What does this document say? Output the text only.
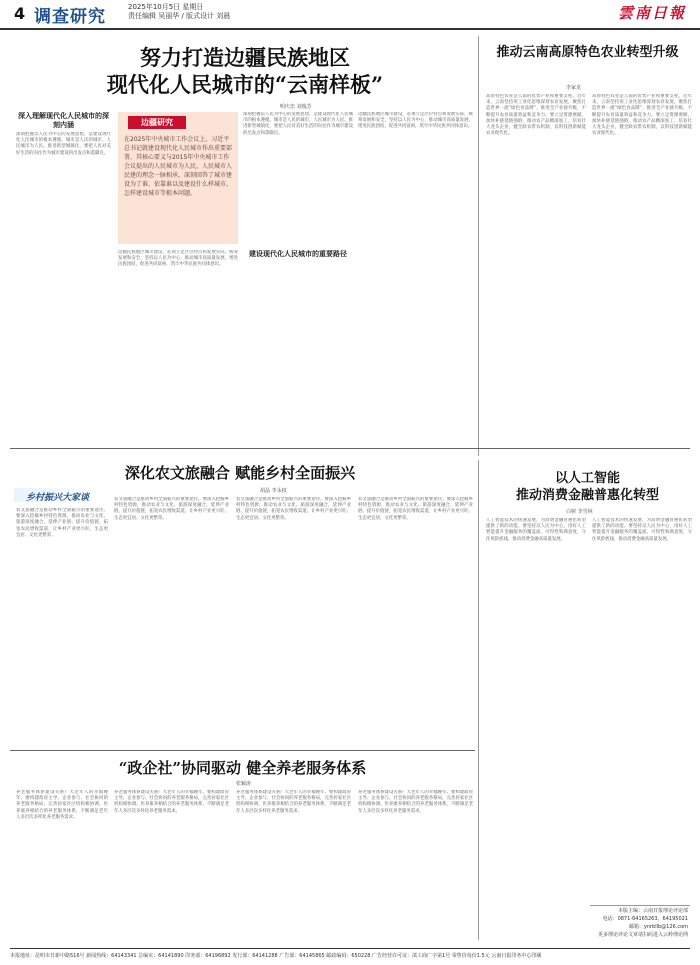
4 调查研究	2025年10月5日 星期日
责任编辑 吴丽华 / 版式设计 刘晨	雲南日報
努力打造边疆民族地区
现代化人民城市的“云南样板”
明庆忠 刘俊芳
深入理解现代化人民城市的深刻内涵
深刻把握以人民为中心的发展思想，是建设现代化人民城市的根本遵循。城市是人民的城市，人民城市为人民。推进新型城镇化，要把人民对美好生活的向往作为城市建设的出发点和落脚点。
边疆研究
在2025年中央城市工作会议上，习近平总书记就建设现代化人民城市作出重要部署，其核心要义与2015年中央城市工作会议提出的人民城市为人民，人民城市人民建的理念一脉相承，深刻回答了城市建设为了谁、依靠谁以及建设什么样城市、怎样建设城市等根本问题。
边疆民族地区城市建设，必须立足区位特点和发展实际，统筹发展和安全，坚持以人民为中心，推动城市高质量发展，增进民族团结，促进共同富裕，筑牢中华民族共同体意识。
深刻把握以人民为中心的发展思想，是建设现代化人民城市的根本遵循。城市是人民的城市，人民城市为人民。推进新型城镇化，要把人民对美好生活的向往作为城市建设的出发点和落脚点。
建设现代化人民城市的重要路径
边疆民族地区城市建设，必须立足区位特点和发展实际，统筹发展和安全，坚持以人民为中心，推动城市高质量发展，增进民族团结，促进共同富裕，筑牢中华民族共同体意识。
推动云南高原特色农业转型升级
李家龙
高原特色农业是云南的优势产业和重要支柱。近年来，云南坚持用工业化思维谋划农业发展，聚焦打造世界一流“绿色食品牌”，推进全产业链升级，不断提升农业质量效益和竞争力。要立足资源禀赋，加快补链延链强链，推动农产品精深加工，培育壮大龙头企业，健全联农带农机制，以科技创新赋能农业现代化。
高原特色农业是云南的优势产业和重要支柱。近年来，云南坚持用工业化思维谋划农业发展，聚焦打造世界一流“绿色食品牌”，推进全产业链升级，不断提升农业质量效益和竞争力。要立足资源禀赋，加快补链延链强链，推动农产品精深加工，培育壮大龙头企业，健全联农带农机制，以科技创新赋能农业现代化。
深化农文旅融合 赋能乡村全面振兴
胡晶 李永权
乡村振兴大家谈
农文旅融合是推动乡村全面振兴的重要途径。要深入挖掘乡村特色资源，推动农业与文化、旅游深度融合，延伸产业链、提升价值链，拓宽农民增收渠道，让乡村产业更兴旺、生态更宜居、文化更繁荣。
农文旅融合是推动乡村全面振兴的重要途径。要深入挖掘乡村特色资源，推动农业与文化、旅游深度融合，延伸产业链、提升价值链，拓宽农民增收渠道，让乡村产业更兴旺、生态更宜居、文化更繁荣。
农文旅融合是推动乡村全面振兴的重要途径。要深入挖掘乡村特色资源，推动农业与文化、旅游深度融合，延伸产业链、提升价值链，拓宽农民增收渠道，让乡村产业更兴旺、生态更宜居、文化更繁荣。
农文旅融合是推动乡村全面振兴的重要途径。要深入挖掘乡村特色资源，推动农业与文化、旅游深度融合，延伸产业链、提升价值链，拓宽农民增收渠道，让乡村产业更兴旺、生态更宜居、文化更繁荣。
以人工智能
推动消费金融普惠化转型
白树 李雪林
人工智能技术的快速发展，为消费金融普惠化转型提供了新的动能。要坚持以人民为中心，用好人工智能提升金融服务的覆盖面、可得性和满意度，守住风险底线，推动消费金融高质量发展。
人工智能技术的快速发展，为消费金融普惠化转型提供了新的动能。要坚持以人民为中心，用好人工智能提升金融服务的覆盖面、可得性和满意度，守住风险底线，推动消费金融高质量发展。
“政企社”协同驱动 健全养老服务体系
张颖涛
养老服务体系建设关系广大老年人的幸福晚年。要构建政府主导、企业参与、社会协同的养老服务格局，完善居家社区机构相协调、医养康养相结合的养老服务体系，不断满足老年人多层次多样化养老服务需求。
养老服务体系建设关系广大老年人的幸福晚年。要构建政府主导、企业参与、社会协同的养老服务格局，完善居家社区机构相协调、医养康养相结合的养老服务体系，不断满足老年人多层次多样化养老服务需求。
养老服务体系建设关系广大老年人的幸福晚年。要构建政府主导、企业参与、社会协同的养老服务格局，完善居家社区机构相协调、医养康养相结合的养老服务体系，不断满足老年人多层次多样化养老服务需求。
养老服务体系建设关系广大老年人的幸福晚年。要构建政府主导、企业参与、社会协同的养老服务格局，完善居家社区机构相协调、医养康养相结合的养老服务体系，不断满足老年人多层次多样化养老服务需求。
本版主编：云南日报理论评论部
电话：0871-64165263、64195021
邮箱：ynrbllb@126.com
更多理论评论文章请扫码进入云岭理论网
本报地址：昆明市日新中路516号 新闻热线：64143341 总编室：64141890 印务部：64196892 发行部：64141288 广告部：64145865 邮政编码：650228 广告经营许可证：滇工商广字第1号 零售价每份1.5元 云南日报印务中心印刷
